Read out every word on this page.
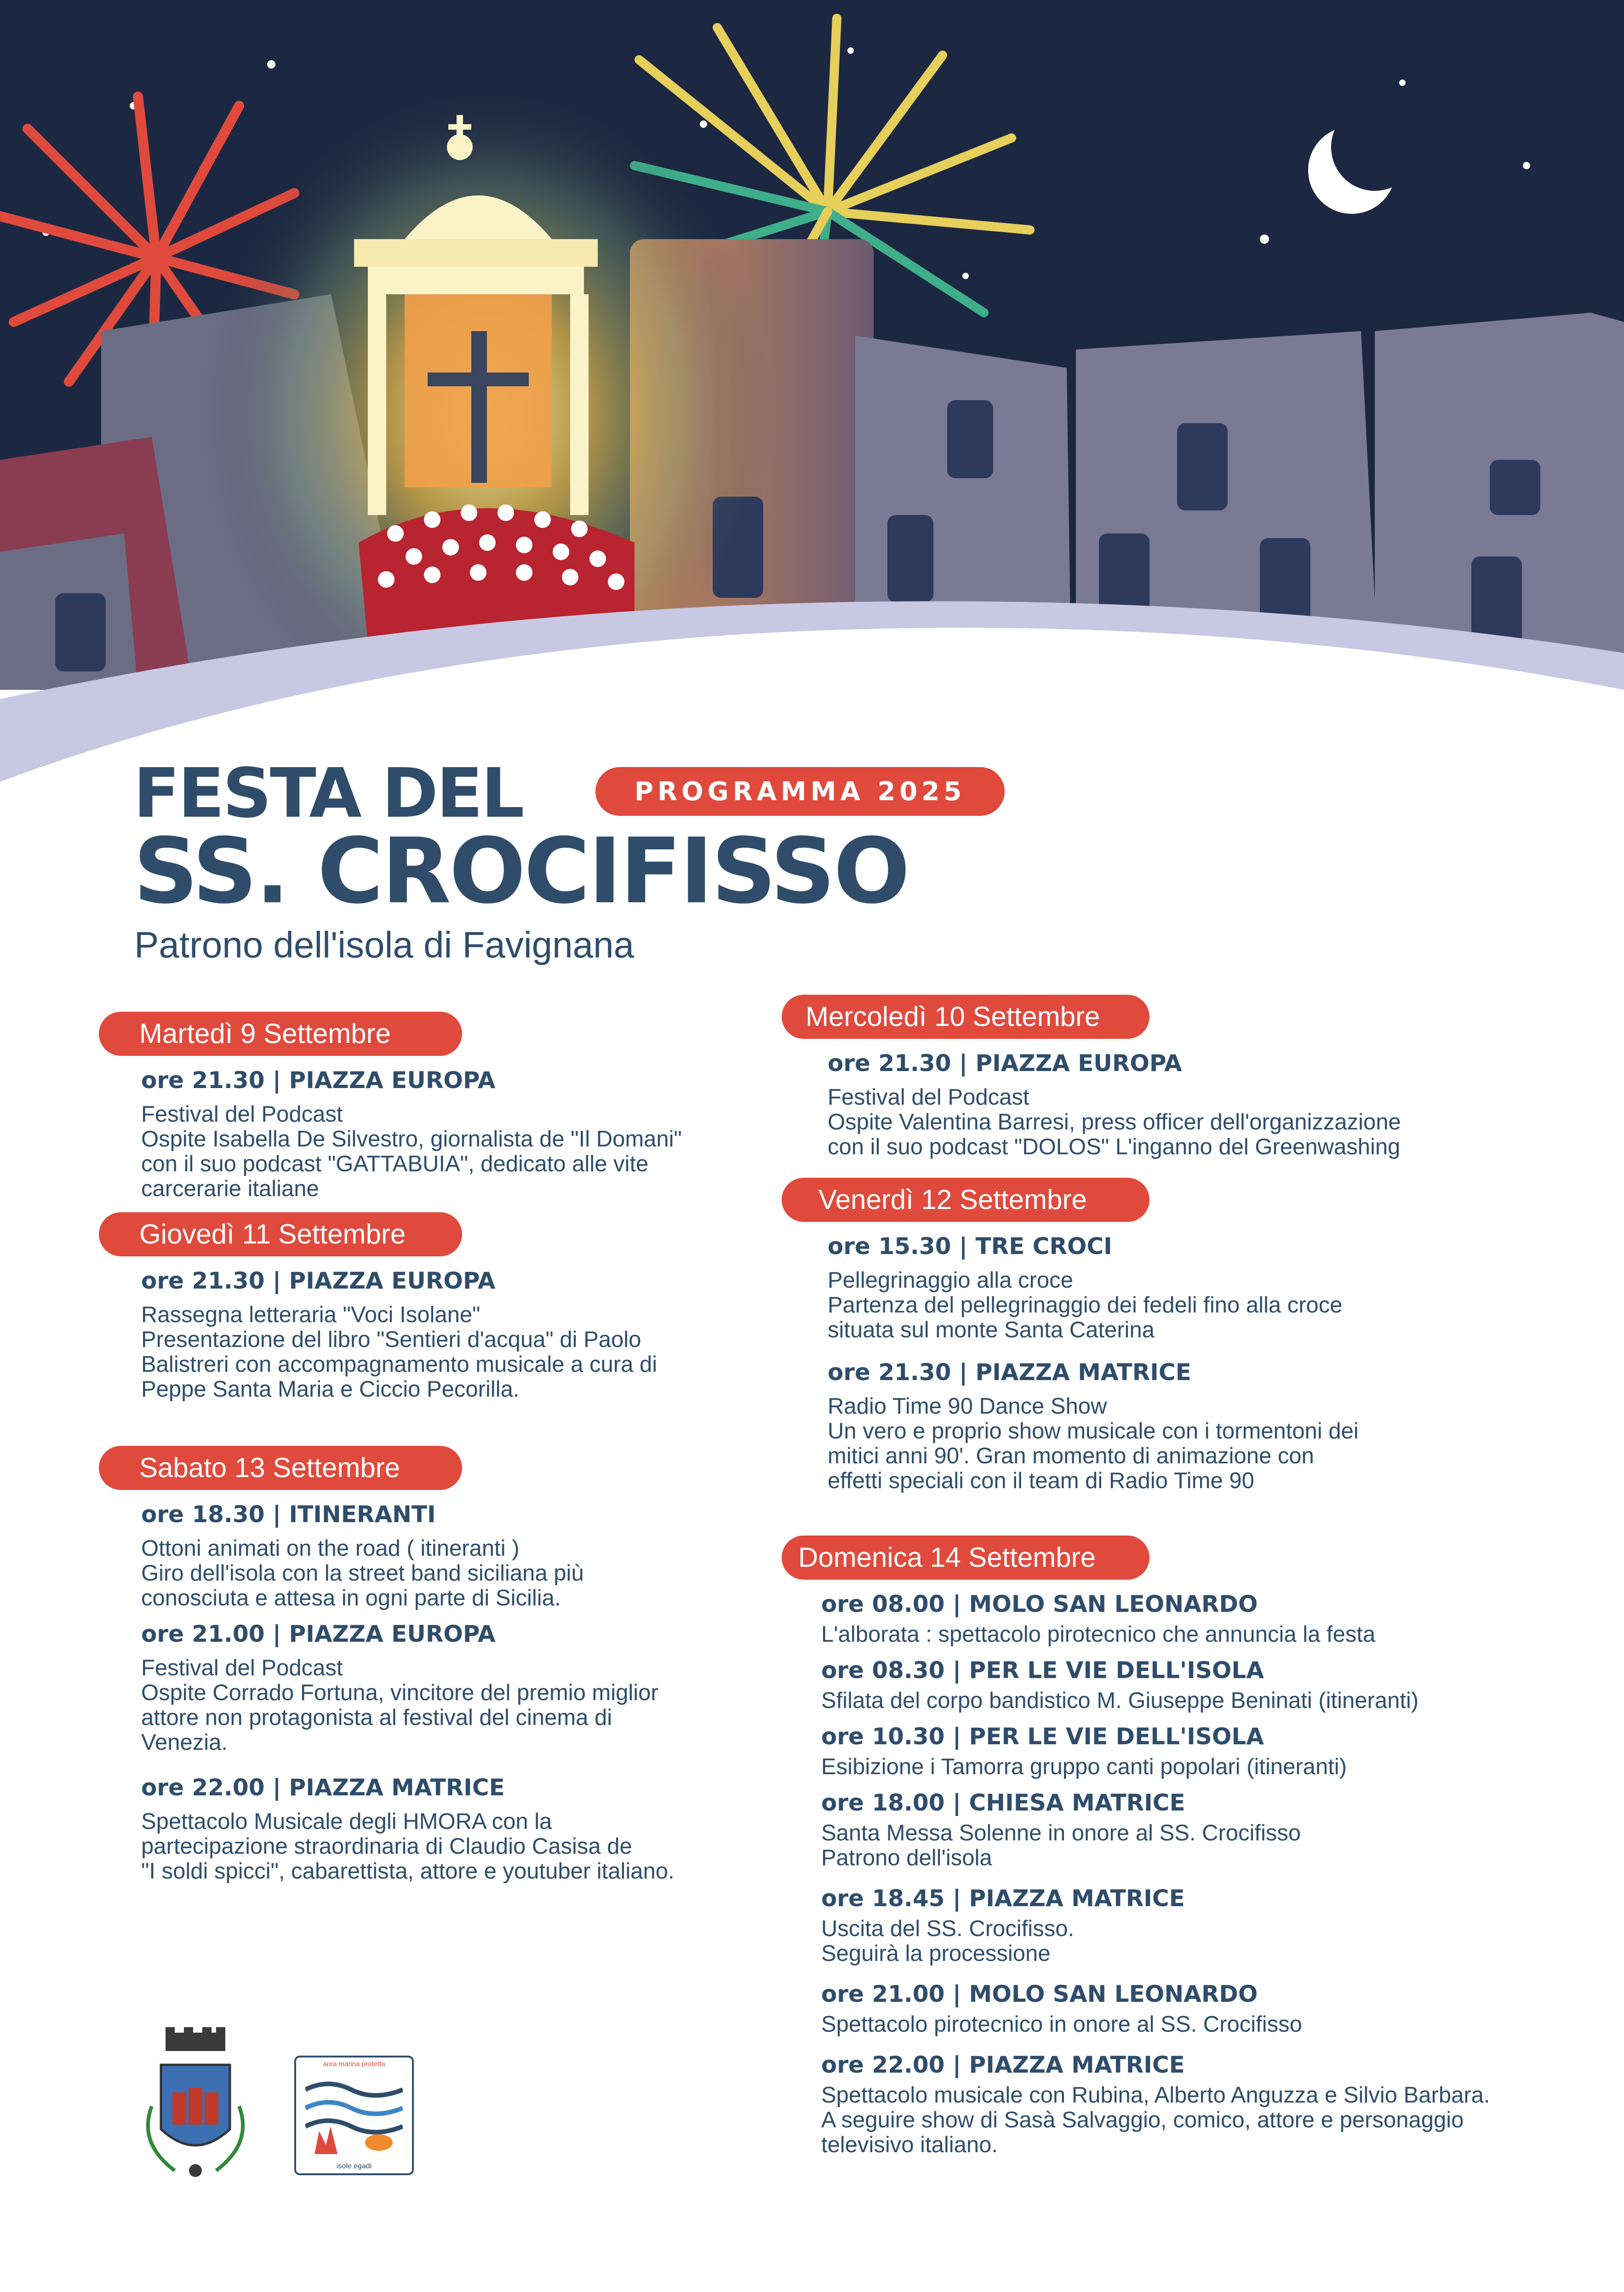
FESTA DEL	PROGRAMMA 2025
SS. CROCIFISSO
Patrono dell'isola di Favignana
Martedì 9 Settembre
ore 21.30 | PIAZZA EUROPA
Festival del Podcast
Ospite Isabella De Silvestro, giornalista de "Il Domani"
con il suo podcast "GATTABUIA", dedicato alle vite
carcerarie italiane
Giovedì 11 Settembre
ore 21.30 | PIAZZA EUROPA
Rassegna letteraria "Voci Isolane"
Presentazione del libro "Sentieri d'acqua" di Paolo
Balistreri con accompagnamento musicale a cura di
Peppe Santa Maria e Ciccio Pecorilla.
Sabato 13 Settembre
ore 18.30 | ITINERANTI
Ottoni animati on the road ( itineranti )
Giro dell'isola con la street band siciliana più
conosciuta e attesa in ogni parte di Sicilia.
ore 21.00 | PIAZZA EUROPA
Festival del Podcast
Ospite Corrado Fortuna, vincitore del premio miglior
attore non protagonista al festival del cinema di
Venezia.
ore 22.00 | PIAZZA MATRICE
Spettacolo Musicale degli HMORA con la
partecipazione straordinaria di Claudio Casisa de
"I soldi spicci", cabarettista, attore e youtuber italiano.
Mercoledì 10 Settembre
ore 21.30 | PIAZZA EUROPA
Festival del Podcast
Ospite Valentina Barresi, press officer dell'organizzazione
con il suo podcast "DOLOS" L'inganno del Greenwashing
Venerdì 12 Settembre
ore 15.30 | TRE CROCI
Pellegrinaggio alla croce
Partenza del pellegrinaggio dei fedeli fino alla croce
situata sul monte Santa Caterina
ore 21.30 | PIAZZA MATRICE
Radio Time 90 Dance Show
Un vero e proprio show musicale con i tormentoni dei
mitici anni 90'. Gran momento di animazione con
effetti speciali con il team di Radio Time 90
Domenica 14 Settembre
ore 08.00 | MOLO SAN LEONARDO
L'alborata : spettacolo pirotecnico che annuncia la festa
ore 08.30 | PER LE VIE DELL'ISOLA
Sfilata del corpo bandistico M. Giuseppe Beninati (itineranti)
ore 10.30 | PER LE VIE DELL'ISOLA
Esibizione i Tamorra gruppo canti popolari (itineranti)
ore 18.00 | CHIESA MATRICE
Santa Messa Solenne in onore al SS. Crocifisso
Patrono dell'isola
ore 18.45 | PIAZZA MATRICE
Uscita del SS. Crocifisso.
Seguirà la processione
ore 21.00 | MOLO SAN LEONARDO
Spettacolo pirotecnico in onore al SS. Crocifisso
ore 22.00 | PIAZZA MATRICE
Spettacolo musicale con Rubina, Alberto Anguzza e Silvio Barbara.
A seguire show di Sasà Salvaggio, comico, attore e personaggio
televisivo italiano.
area marina protetta
isole egadi
